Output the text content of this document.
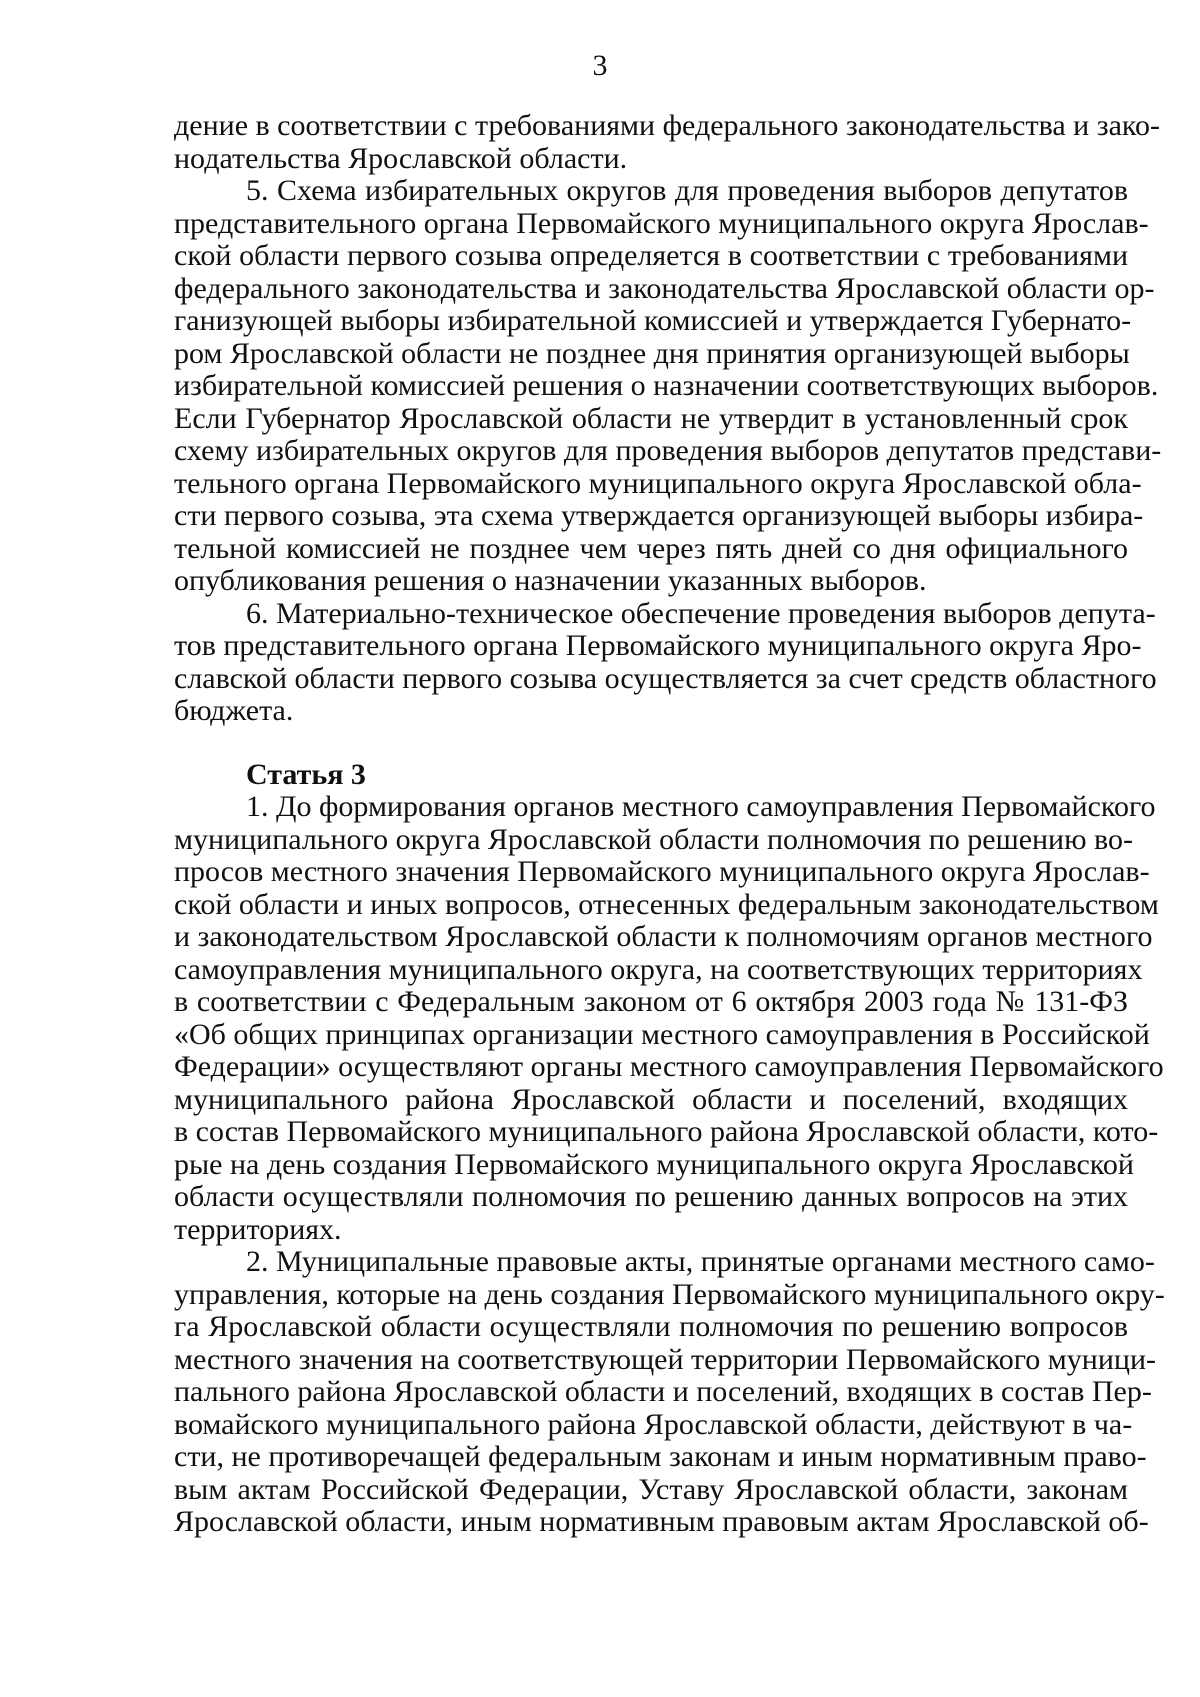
3
дение в соответствии с требованиями федерального законодательства и зако-
нодательства Ярославской области.
5. Схема избирательных округов для проведения выборов депутатов
представительного органа Первомайского муниципального округа Ярослав-
ской области первого созыва определяется в соответствии с требованиями
федерального законодательства и законодательства Ярославской области ор-
ганизующей выборы избирательной комиссией и утверждается Губернато-
ром Ярославской области не позднее дня принятия организующей выборы
избирательной комиссией решения о назначении соответствующих выборов.
Если Губернатор Ярославской области не утвердит в установленный срок
схему избирательных округов для проведения выборов депутатов представи-
тельного органа Первомайского муниципального округа Ярославской обла-
сти первого созыва, эта схема утверждается организующей выборы избира-
тельной комиссией не позднее чем через пять дней со дня официального
опубликования решения о назначении указанных выборов.
6. Материально-техническое обеспечение проведения выборов депута-
тов представительного органа Первомайского муниципального округа Яро-
славской области первого созыва осуществляется за счет средств областного
бюджета.
Статья 3
1. До формирования органов местного самоуправления Первомайского
муниципального округа Ярославской области полномочия по решению во-
просов местного значения Первомайского муниципального округа Ярослав-
ской области и иных вопросов, отнесенных федеральным законодательством
и законодательством Ярославской области к полномочиям органов местного
самоуправления муниципального округа, на соответствующих территориях
в соответствии с Федеральным законом от 6 октября 2003 года № 131-ФЗ
«Об общих принципах организации местного самоуправления в Российской
Федерации» осуществляют органы местного самоуправления Первомайского
муниципального района Ярославской области и поселений, входящих
в состав Первомайского муниципального района Ярославской области, кото-
рые на день создания Первомайского муниципального округа Ярославской
области осуществляли полномочия по решению данных вопросов на этих
территориях.
2. Муниципальные правовые акты, принятые органами местного само-
управления, которые на день создания Первомайского муниципального окру-
га Ярославской области осуществляли полномочия по решению вопросов
местного значения на соответствующей территории Первомайского муници-
пального района Ярославской области и поселений, входящих в состав Пер-
вомайского муниципального района Ярославской области, действуют в ча-
сти, не противоречащей федеральным законам и иным нормативным право-
вым актам Российской Федерации, Уставу Ярославской области, законам
Ярославской области, иным нормативным правовым актам Ярославской об-
